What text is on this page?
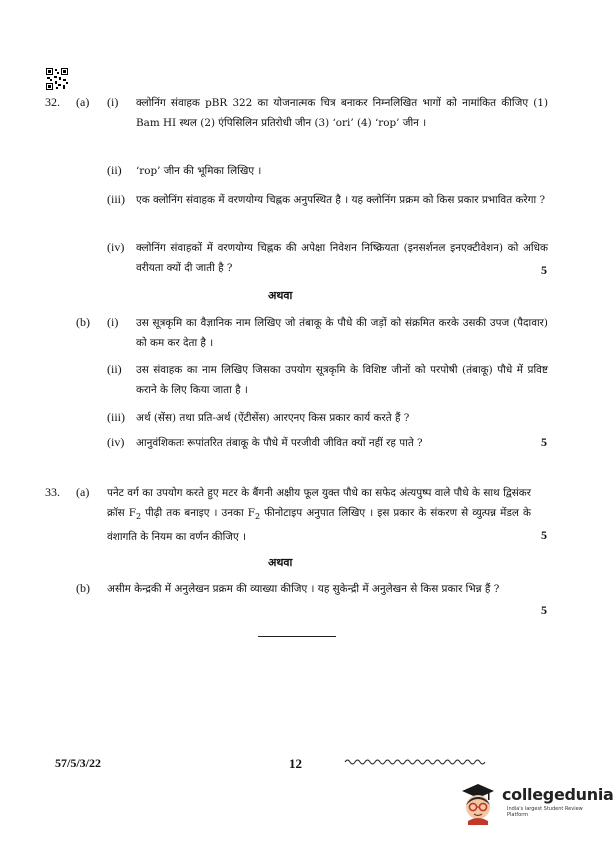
32. (a) (i) क्लोनिंग संवाहक pBR 322 का योजनात्मक चित्र बनाकर निम्नलिखित भागों को नामांकित कीजिए (1) Bam HI स्थल (2) एंपिसिलिन प्रतिरोधी जीन (3) ‘ori’ (4) ‘rop’ जीन ।
(ii) ‘rop’ जीन की भूमिका लिखिए ।
(iii) एक क्लोनिंग संवाहक में वरणयोग्य चिह्नक अनुपस्थित है । यह क्लोनिंग प्रक्रम को किस प्रकार प्रभावित करेगा ?
(iv) क्लोनिंग संवाहकों में वरणयोग्य चिह्नक की अपेक्षा निवेशन निष्क्रियता (इनसर्शनल इनएक्टीवेशन) को अधिक वरीयता क्यों दी जाती है ?	5
अथवा
(b) (i) उस सूत्रकृमि का वैज्ञानिक नाम लिखिए जो तंबाकू के पौधे की जड़ों को संक्रमित करके उसकी उपज (पैदावार) को कम कर देता है ।
(ii) उस संवाहक का नाम लिखिए जिसका उपयोग सूत्रकृमि के विशिष्ट जीनों को परपोषी (तंबाकू) पौधे में प्रविष्ट कराने के लिए किया जाता है ।
(iii) अर्थ (सेंस) तथा प्रति-अर्थ (ऐंटीसेंस) आरएनए किस प्रकार कार्य करते हैं ?
(iv) आनुवंशिकतः रूपांतरित तंबाकू के पौधे में परजीवी जीवित क्यों नहीं रह पाते ?	5
33. (a) पनेट वर्ग का उपयोग करते हुए मटर के बैंगनी अक्षीय फूल युक्त पौधे का सफेद अंत्यपुष्प वाले पौधे के साथ द्विसंकर क्रॉस $F_2$ पीढ़ी तक बनाइए । उनका $F_2$ फीनोटाइप अनुपात लिखिए । इस प्रकार के संकरण से व्युत्पन्न मेंडल के वंशागति के नियम का वर्णन कीजिए ।	5
अथवा
(b) असीम केन्द्रकी में अनुलेखन प्रक्रम की व्याख्या कीजिए । यह सुकेन्द्री में अनुलेखन से किस प्रकार भिन्न हैं ?
5
57/5/3/22	12
collegedunia
India's largest Student Review Platform
